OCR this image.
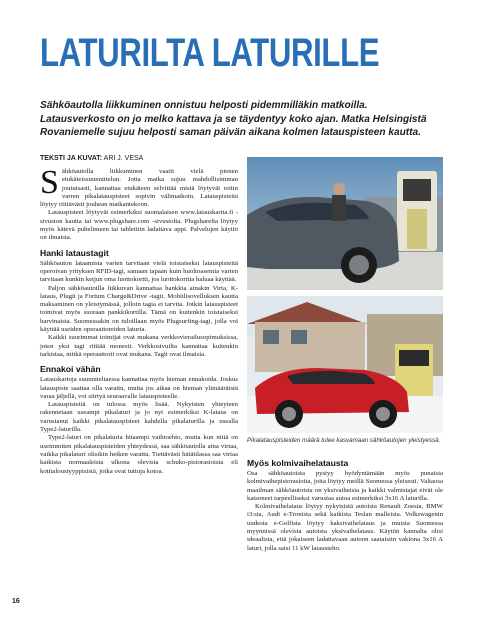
LATURILTA LATURILLE

Sähköautolla liikkuminen onnistuu helposti pidemmilläkin matkoilla. Latausverkosto on jo melko kattava ja se täydentyy koko ajan. Matka Helsingistä Rovaniemelle sujuu helposti saman päivän aikana kolmen latauspisteen kautta.

TEKSTI JA KUVAT: ARI J. VESA

Sähköautolla liikkuminen vaatii vielä pienen etukäteissuunnittelun. Jotta matka sujuu mahdollisimman joutuisasti, kannattaa etukäteen selvittää mistä löytyvät reitin varren pikalatauspisteet sopivin välimatkoin. Latauspisteitä löytyy riittävästi jouhean matkantekoon.

Latauspisteet löytyvät esimerkiksi suomalaisen www.latauskartta.fi -sivuston kautta tai www.plugshare.com -sivustolta. Plugsharelta löytyy myös kätevä puhelimeen tai tablettiin ladattava appi. Palvelujen käyttö on ilmaista.

Hanki lataustagit

Sähköauton lataamista varten tarvitaan vielä toistaiseksi latauspisteitä operoivan yrityksen RFID-tagi, samaan tapaan kuin huoltoasemia varten tarvitaan kunkin ketjun oma luottokortti, jos luottokorttia haluaa käyttää.

Paljon sähköautoilla liikkuvan kannattaa hankkia ainakin Virta, K-lataus, Plugit ja Fortum Charge&Drive -tagit. Mobiilisovelluksen kautta maksaminen on yleistymässä, jolloin tagia ei tarvita. Jotkin latauspisteet toimivat myös suoraan pankkikortilla. Tämä on kuitenkin toistaiseksi harvinaista. Suomessakin on tuloillaan myös Plugsurfing-tagi, jolla voi käyttää useiden operaattoreiden laturia.

Kaikki suurimmat toimijat ovat mukana verkkovierailusopimuksissa, joten yksi tagi riittää monesti. Verkkosivuilta kannattaa kuitenkin tarkistaa, mitkä operaattorit ovat mukana. Tagit ovat ilmaisia.

Ennakoi vähän

Latauskartoja suunniteltaessa kannattaa myös hieman ennakoida. Joskus latauspiste saattaa olla varattu, mutta jos aikaa on hieman ylimääräistä varaa jäljellä, voi siirtyä seuraavalle latauspisteelle.

Latauspisteitä on tulossa myös lisää. Nykyisten yhteyteen rakennetaan useampi pikalaturi ja jo nyt esimerkiksi K-lataus on varustanut kaikki pikalatauspisteet kahdella pikalaturilla ja usealla Type2-laturilla.

Type2-laturi on pikalaturia hitaampi vaihtoehto, mutta kun niitä on useimmiten pikalatauspisteiden yhteydessä, saa sähköautolla aina virtaa, vaikka pikalaturi olisikin hetken varattu. Tiettävästi hätätilassa saa virtaa kaikista normaaleista ulkona olevista schuko-pistorasioista eli kotitaloustyyppisistä, jotka ovat tuttuja kotoa.

Pikalatauspisteiden määrä tulee kasvamaan sähköautojen yleistyessä.

Myös kolmivaihelatausta

Osa sähköautoista pystyy hyödyntämään myös punaisia kolmivaihepistorasioita, joita löytyy meillä Suomessa yleisesti. Valtaosa maailman sähköautoista on yksivaiheisia ja kaikki valmistajat eivät ole katsoneet tarpeelliseksi varustaa autoa esimerkiksi 3x16 A laturilla.

Kolmivaihelataus löytyy nykyisistä autoista Renault Zoesta, BMW i3:sta, Audi e-Tronista sekä kaikista Teslan malleista. Volkswagenin uudesta e-Golfista löytyy kaksivaihelataus ja muista Suomessa myynnissä olevista autoista yksivaihelataus. Käytön kannalta olisi ideaalista, että jokaiseen ladattavaan autoon saataisiin vakiona 3x16 A laturi, jolla saisi 11 kW latausteho.

16
